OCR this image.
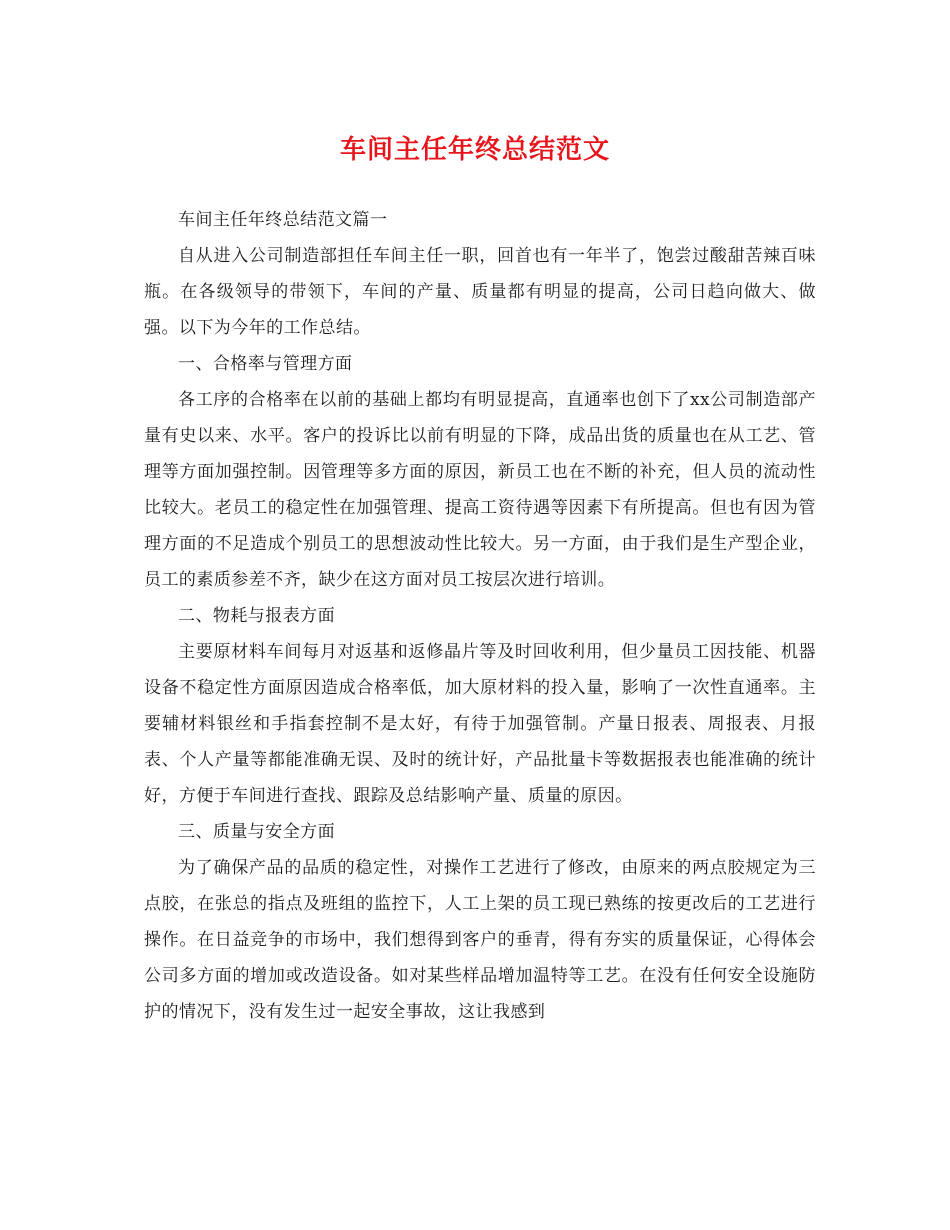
车间主任年终总结范文

车间主任年终总结范文篇一

自从进入公司制造部担任车间主任一职，回首也有一年半了，饱尝过酸甜苦辣百味瓶。在各级领导的带领下，车间的产量、质量都有明显的提高，公司日趋向做大、做强。以下为今年的工作总结。

一、合格率与管理方面

各工序的合格率在以前的基础上都均有明显提高，直通率也创下了xx公司制造部产量有史以来、水平。客户的投诉比以前有明显的下降，成品出货的质量也在从工艺、管理等方面加强控制。因管理等多方面的原因，新员工也在不断的补充，但人员的流动性比较大。老员工的稳定性在加强管理、提高工资待遇等因素下有所提高。但也有因为管理方面的不足造成个别员工的思想波动性比较大。另一方面，由于我们是生产型企业，员工的素质参差不齐，缺少在这方面对员工按层次进行培训。

二、物耗与报表方面

主要原材料车间每月对返基和返修晶片等及时回收利用，但少量员工因技能、机器设备不稳定性方面原因造成合格率低，加大原材料的投入量，影响了一次性直通率。主要辅材料银丝和手指套控制不是太好，有待于加强管制。产量日报表、周报表、月报表、个人产量等都能准确无误、及时的统计好，产品批量卡等数据报表也能准确的统计好，方便于车间进行查找、跟踪及总结影响产量、质量的原因。

三、质量与安全方面

为了确保产品的品质的稳定性，对操作工艺进行了修改，由原来的两点胶规定为三点胶，在张总的指点及班组的监控下，人工上架的员工现已熟练的按更改后的工艺进行操作。在日益竞争的市场中，我们想得到客户的垂青，得有夯实的质量保证，心得体会公司多方面的增加或改造设备。如对某些样品增加温特等工艺。在没有任何安全设施防护的情况下，没有发生过一起安全事故，这让我感到
